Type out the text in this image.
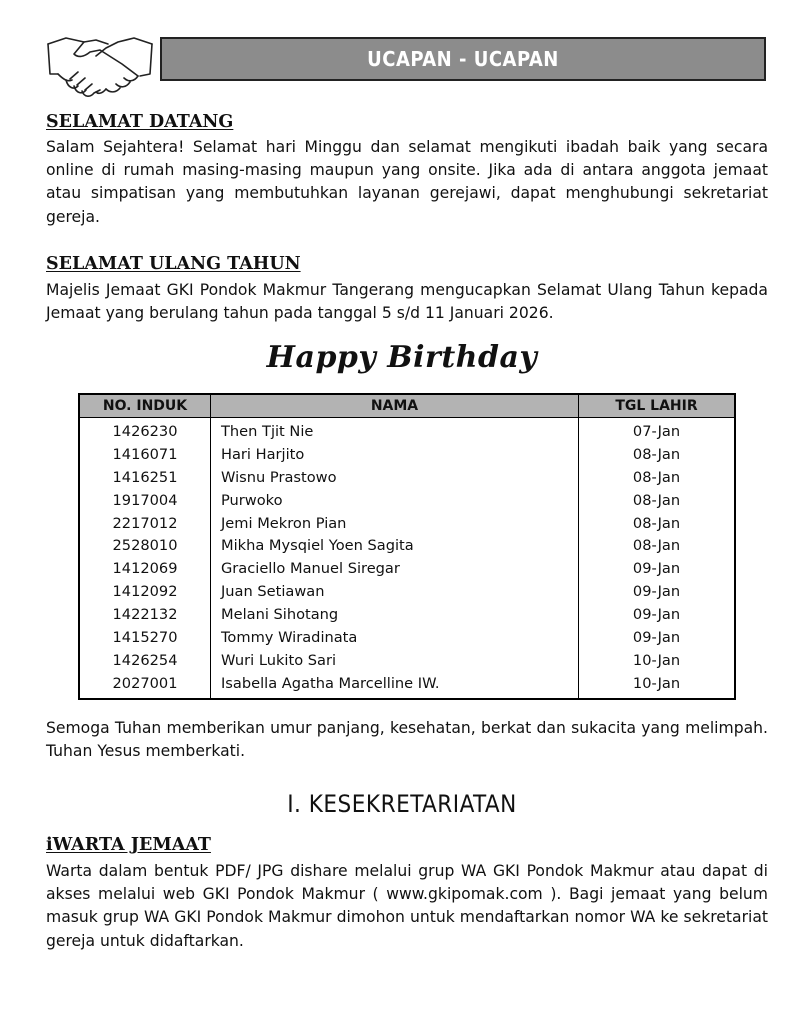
UCAPAN - UCAPAN
SELAMAT DATANG

Salam Sejahtera! Selamat hari Minggu dan selamat mengikuti ibadah baik yang secara online di rumah masing-masing maupun yang onsite. Jika ada di antara anggota jemaat atau simpatisan yang membutuhkan layanan gerejawi, dapat menghubungi sekretariat gereja.

SELAMAT ULANG TAHUN

Majelis Jemaat GKI Pondok Makmur Tangerang mengucapkan Selamat Ulang Tahun kepada Jemaat yang berulang tahun pada tanggal 5 s/d 11 Januari 2026.

Happy Birthday
NO. INDUK	NAMA	TGL LAHIR
1426230	Then Tjit Nie	07-Jan
1416071	Hari Harjito	08-Jan
1416251	Wisnu Prastowo	08-Jan
1917004	Purwoko	08-Jan
2217012	Jemi Mekron Pian	08-Jan
2528010	Mikha Mysqiel Yoen Sagita	08-Jan
1412069	Graciello Manuel Siregar	09-Jan
1412092	Juan Setiawan	09-Jan
1422132	Melani Sihotang	09-Jan
1415270	Tommy Wiradinata	09-Jan
1426254	Wuri Lukito Sari	10-Jan
2027001	Isabella Agatha Marcelline IW.	10-Jan

Semoga Tuhan memberikan umur panjang, kesehatan, berkat dan sukacita yang melimpah. Tuhan Yesus memberkati.

I. KESEKRETARIATAN
iWARTA JEMAAT

Warta dalam bentuk PDF/ JPG dishare melalui grup WA GKI Pondok Makmur atau dapat di akses melalui web GKI Pondok Makmur ( www.gkipomak.com ). Bagi jemaat yang belum masuk grup WA GKI Pondok Makmur dimohon untuk mendaftarkan nomor WA ke sekretariat gereja untuk didaftarkan.
